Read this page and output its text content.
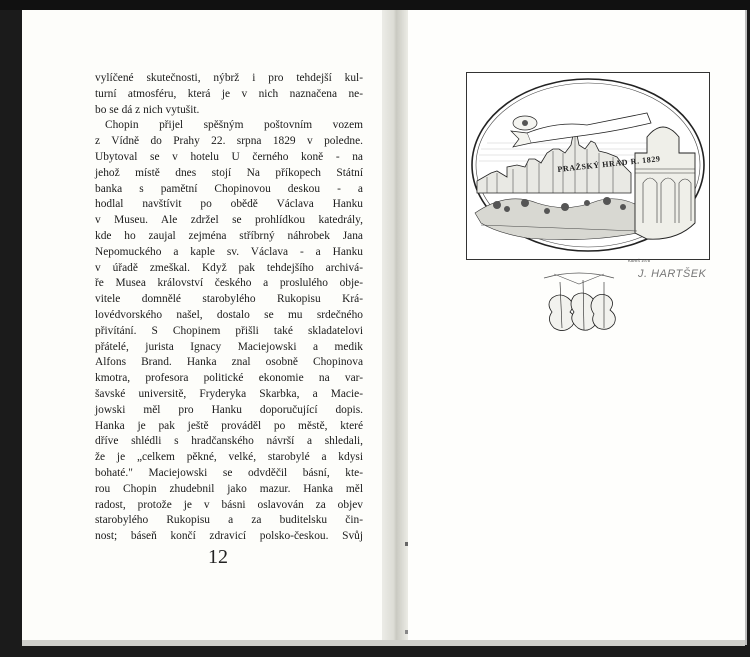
vylíčené skutečnosti, nýbrž i pro tehdejší kul-
turní atmosféru, která je v nich naznačena ne-
bo se dá z nich vytušit.
Chopin přijel spěšným poštovním vozem
z Vídně do Prahy 22. srpna 1829 v poledne.
Ubytoval se v hotelu U černého koně - na
jehož místě dnes stojí Na příkopech Státní
banka s pamětní Chopinovou deskou - a
hodlal navštívit po obědě Václava Hanku
v Museu. Ale zdržel se prohlídkou katedrály,
kde ho zaujal zejména stříbrný náhrobek Jana
Nepomuckého a kaple sv. Václava - a Hanku
v úřadě zmeškal. Když pak tehdejšího archivá-
ře Musea království českého a proslulého obje-
vitele domnělé starobylého Rukopisu Krá-
lovédvorského našel, dostalo se mu srdečného
přivítání. S Chopinem přišli také skladatelovi
přátelé, jurista Ignacy Maciejowski a medik
Alfons Brand. Hanka znal osobně Chopinova
kmotra, profesora politické ekonomie na var-
šavské universitě, Fryderyka Skarbka, a Macie-
jowski měl pro Hanku doporučující dopis.
Hanka je pak ještě prováděl po městě, které
dříve shlédli s hradčanského návrší a shledali,
že je „celkem pěkné, velké, starobylé a kdysi
bohaté." Maciejowski se odvděčil básní, kte-
rou Chopin zhudebnil jako mazur. Hanka měl
radost, protože je v básni oslavován za objev
starobylého Rukopisu a za buditelsku čin-
nost; báseň končí zdravicí polsko-českou. Svůj
12
PRAŽSKÝ HRAD R. 1829
KARIŠ 1978
J. HARTŠEK
